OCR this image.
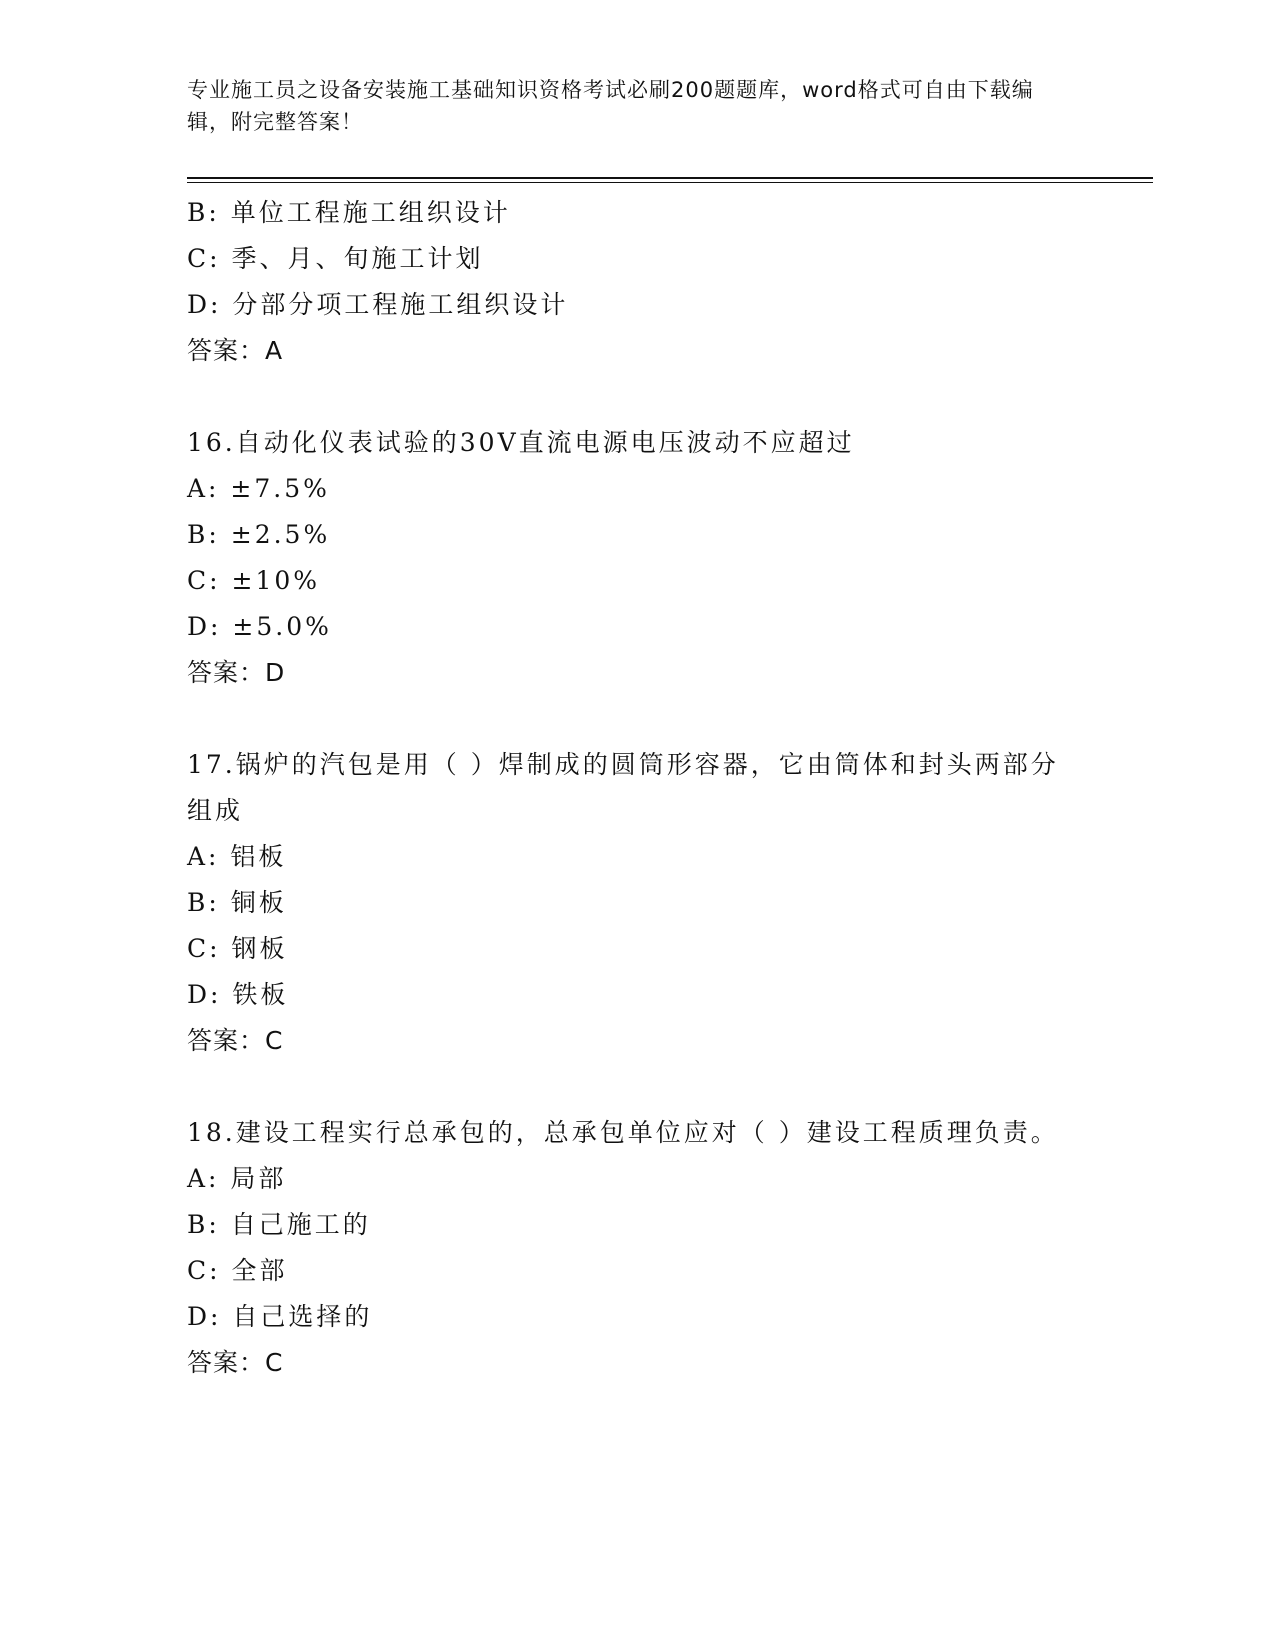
专业施工员之设备安装施工基础知识资格考试必刷200题题库，word格式可自由下载编辑，附完整答案！
B: 单位工程施工组织设计
C: 季、月、旬施工计划
D: 分部分项工程施工组织设计
答案：A
16.自动化仪表试验的30V直流电源电压波动不应超过
A: ±7.5%
B: ±2.5%
C: ±10%
D: ±5.0%
答案：D
17.锅炉的汽包是用（ ）焊制成的圆筒形容器，它由筒体和封头两部分组成
A: 铝板
B: 铜板
C: 钢板
D: 铁板
答案：C
18.建设工程实行总承包的，总承包单位应对（ ）建设工程质理负责。
A: 局部
B: 自己施工的
C: 全部
D: 自己选择的
答案：C
